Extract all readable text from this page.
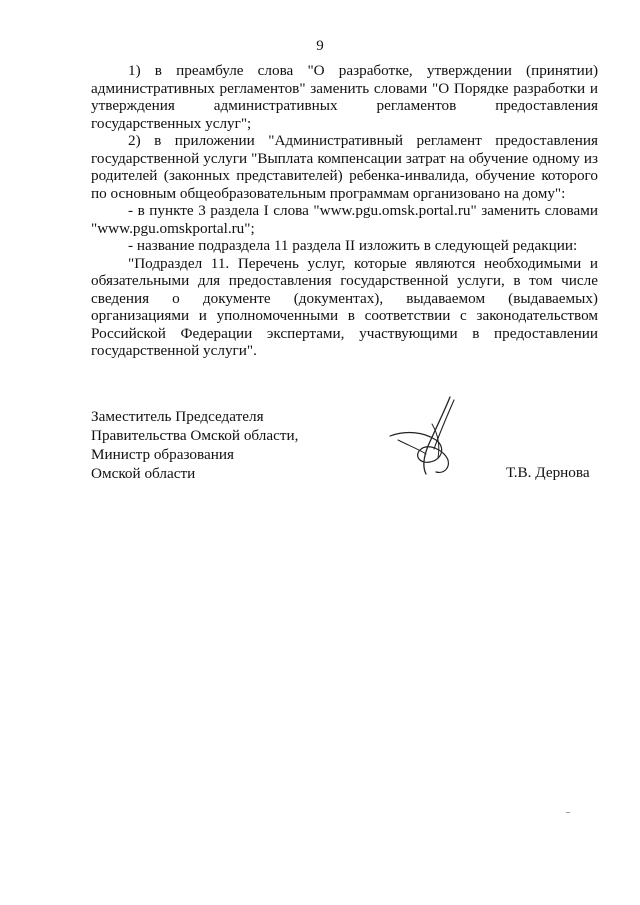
9

1) в преамбуле слова "О разработке, утверждении (принятии) административных регламентов" заменить словами "О Порядке разработки и утверждения административных регламентов предоставления государственных услуг";

2) в приложении "Административный регламент предоставления государственной услуги "Выплата компенсации затрат на обучение одному из родителей (законных представителей) ребенка-инвалида, обучение которого по основным общеобразовательным программам организовано на дому":

- в пункте 3 раздела I слова "www.pgu.omsk.portal.ru" заменить словами "www.pgu.omskportal.ru";

- название подраздела 11 раздела II изложить в следующей редакции:

"Подраздел 11. Перечень услуг, которые являются необходимыми и обязательными для предоставления государственной услуги, в том числе сведения о документе (документах), выдаваемом (выдаваемых) организациями и уполномоченными в соответствии с законодательством Российской Федерации экспертами, участвующими в предоставлении государственной услуги".

Заместитель Председателя
Правительства Омской области,
Министр образования
Омской области	Т.В. Дернова
